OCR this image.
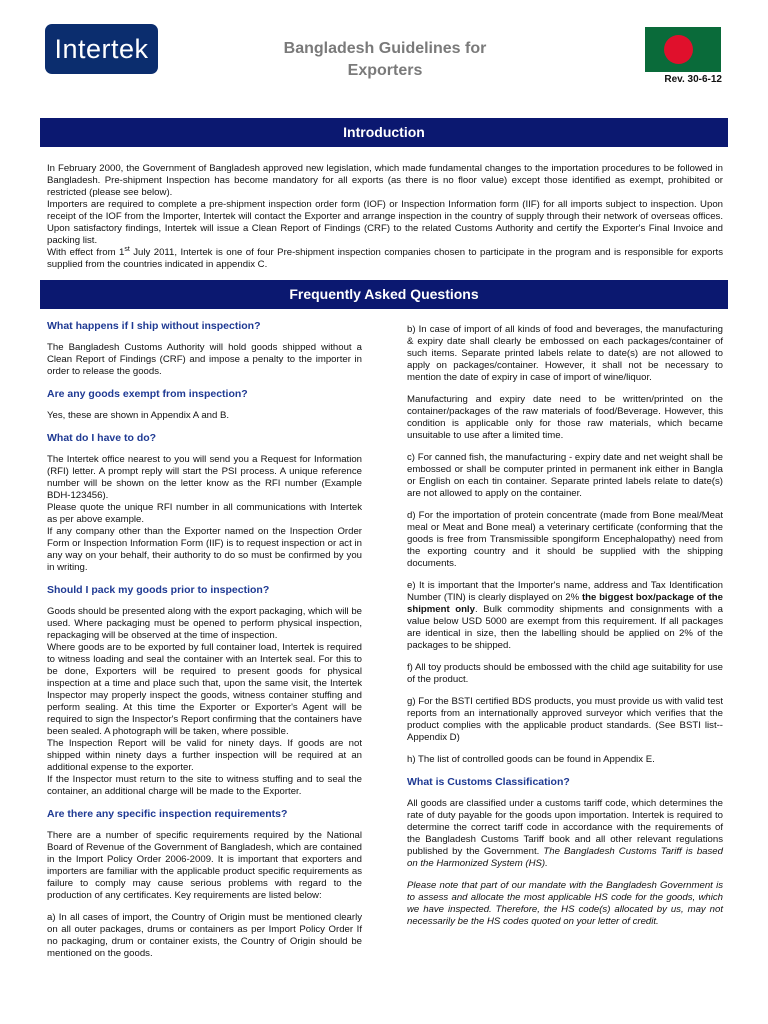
Intertek	Bangladesh Guidelines for
Exporters
Rev. 30-6-12
Introduction

In February 2000, the Government of Bangladesh approved new legislation, which made fundamental changes to the importation procedures to be followed in Bangladesh. Pre-shipment Inspection has become mandatory for all exports (as there is no floor value) except those identified as exempt, prohibited or restricted (please see below).

Importers are required to complete a pre-shipment inspection order form (IOF) or Inspection Information form (IIF) for all imports subject to inspection. Upon receipt of the IOF from the Importer, Intertek will contact the Exporter and arrange inspection in the country of supply through their network of overseas offices. Upon satisfactory findings, Intertek will issue a Clean Report of Findings (CRF) to the related Customs Authority and certify the Exporter's Final Invoice and packing list.

With effect from 1st July 2011, Intertek is one of four Pre-shipment inspection companies chosen to participate in the program and is responsible for exports supplied from the countries indicated in appendix C.

Frequently Asked Questions
What happens if I ship without inspection?

The Bangladesh Customs Authority will hold goods shipped without a Clean Report of Findings (CRF) and impose a penalty to the importer in order to release the goods.

Are any goods exempt from inspection?

Yes, these are shown in Appendix A and B.

What do I have to do?

The Intertek office nearest to you will send you a Request for Information (RFI) letter. A prompt reply will start the PSI process. A unique reference number will be shown on the letter know as the RFI number (Example BDH-123456).

Please quote the unique RFI number in all communications with Intertek as per above example.

If any company other than the Exporter named on the Inspection Order Form or Inspection Information Form (IIF) is to request inspection or act in any way on your behalf, their authority to do so must be confirmed by you in writing.

Should I pack my goods prior to inspection?

Goods should be presented along with the export packaging, which will be used. Where packaging must be opened to perform physical inspection, repackaging will be observed at the time of inspection.

Where goods are to be exported by full container load, Intertek is required to witness loading and seal the container with an Intertek seal. For this to be done, Exporters will be required to present goods for physical inspection at a time and place such that, upon the same visit, the Intertek Inspector may properly inspect the goods, witness container stuffing and perform sealing. At this time the Exporter or Exporter's Agent will be required to sign the Inspector's Report confirming that the containers have been sealed. A photograph will be taken, where possible.

The Inspection Report will be valid for ninety days. If goods are not shipped within ninety days a further inspection will be required at an additional expense to the exporter.

If the Inspector must return to the site to witness stuffing and to seal the container, an additional charge will be made to the Exporter.

Are there any specific inspection requirements?

There are a number of specific requirements required by the National Board of Revenue of the Government of Bangladesh, which are contained in the Import Policy Order 2006-2009. It is important that exporters and importers are familiar with the applicable product specific requirements as failure to comply may cause serious problems with regard to the production of any certificates. Key requirements are listed below:

a) In all cases of import, the Country of Origin must be mentioned clearly on all outer packages, drums or containers as per Import Policy Order If no packaging, drum or container exists, the Country of Origin should be mentioned on the goods.

b) In case of import of all kinds of food and beverages, the manufacturing & expiry date shall clearly be embossed on each packages/container of such items. Separate printed labels relate to date(s) are not allowed to apply on packages/container. However, it shall not be necessary to mention the date of expiry in case of import of wine/liquor.

Manufacturing and expiry date need to be written/printed on the container/packages of the raw materials of food/Beverage. However, this condition is applicable only for those raw materials, which became unsuitable to use after a limited time.

c) For canned fish, the manufacturing - expiry date and net weight shall be embossed or shall be computer printed in permanent ink either in Bangla or English on each tin container. Separate printed labels relate to date(s) are not allowed to apply on the container.

d) For the importation of protein concentrate (made from Bone meal/Meat meal or Meat and Bone meal) a veterinary certificate (conforming that the goods is free from Transmissible spongiform Encephalopathy) need from the exporting country and it should be supplied with the shipping documents.

e) It is important that the Importer's name, address and Tax Identification Number (TIN) is clearly displayed on 2% the biggest box/package of the shipment only. Bulk commodity shipments and consignments with a value below USD 5000 are exempt from this requirement. If all packages are identical in size, then the labelling should be applied on 2% of the packages to be shipped.

f) All toy products should be embossed with the child age suitability for use of the product.

g) For the BSTI certified BDS products, you must provide us with valid test reports from an internationally approved surveyor which verifies that the product complies with the applicable product standards. (See BSTI list--Appendix D)

h) The list of controlled goods can be found in Appendix E.

What is Customs Classification?

All goods are classified under a customs tariff code, which determines the rate of duty payable for the goods upon importation. Intertek is required to determine the correct tariff code in accordance with the requirements of the Bangladesh Customs Tariff book and all other relevant regulations published by the Government. The Bangladesh Customs Tariff is based on the Harmonized System (HS).

Please note that part of our mandate with the Bangladesh Government is to assess and allocate the most applicable HS code for the goods, which we have inspected. Therefore, the HS code(s) allocated by us, may not necessarily be the HS codes quoted on your letter of credit.
